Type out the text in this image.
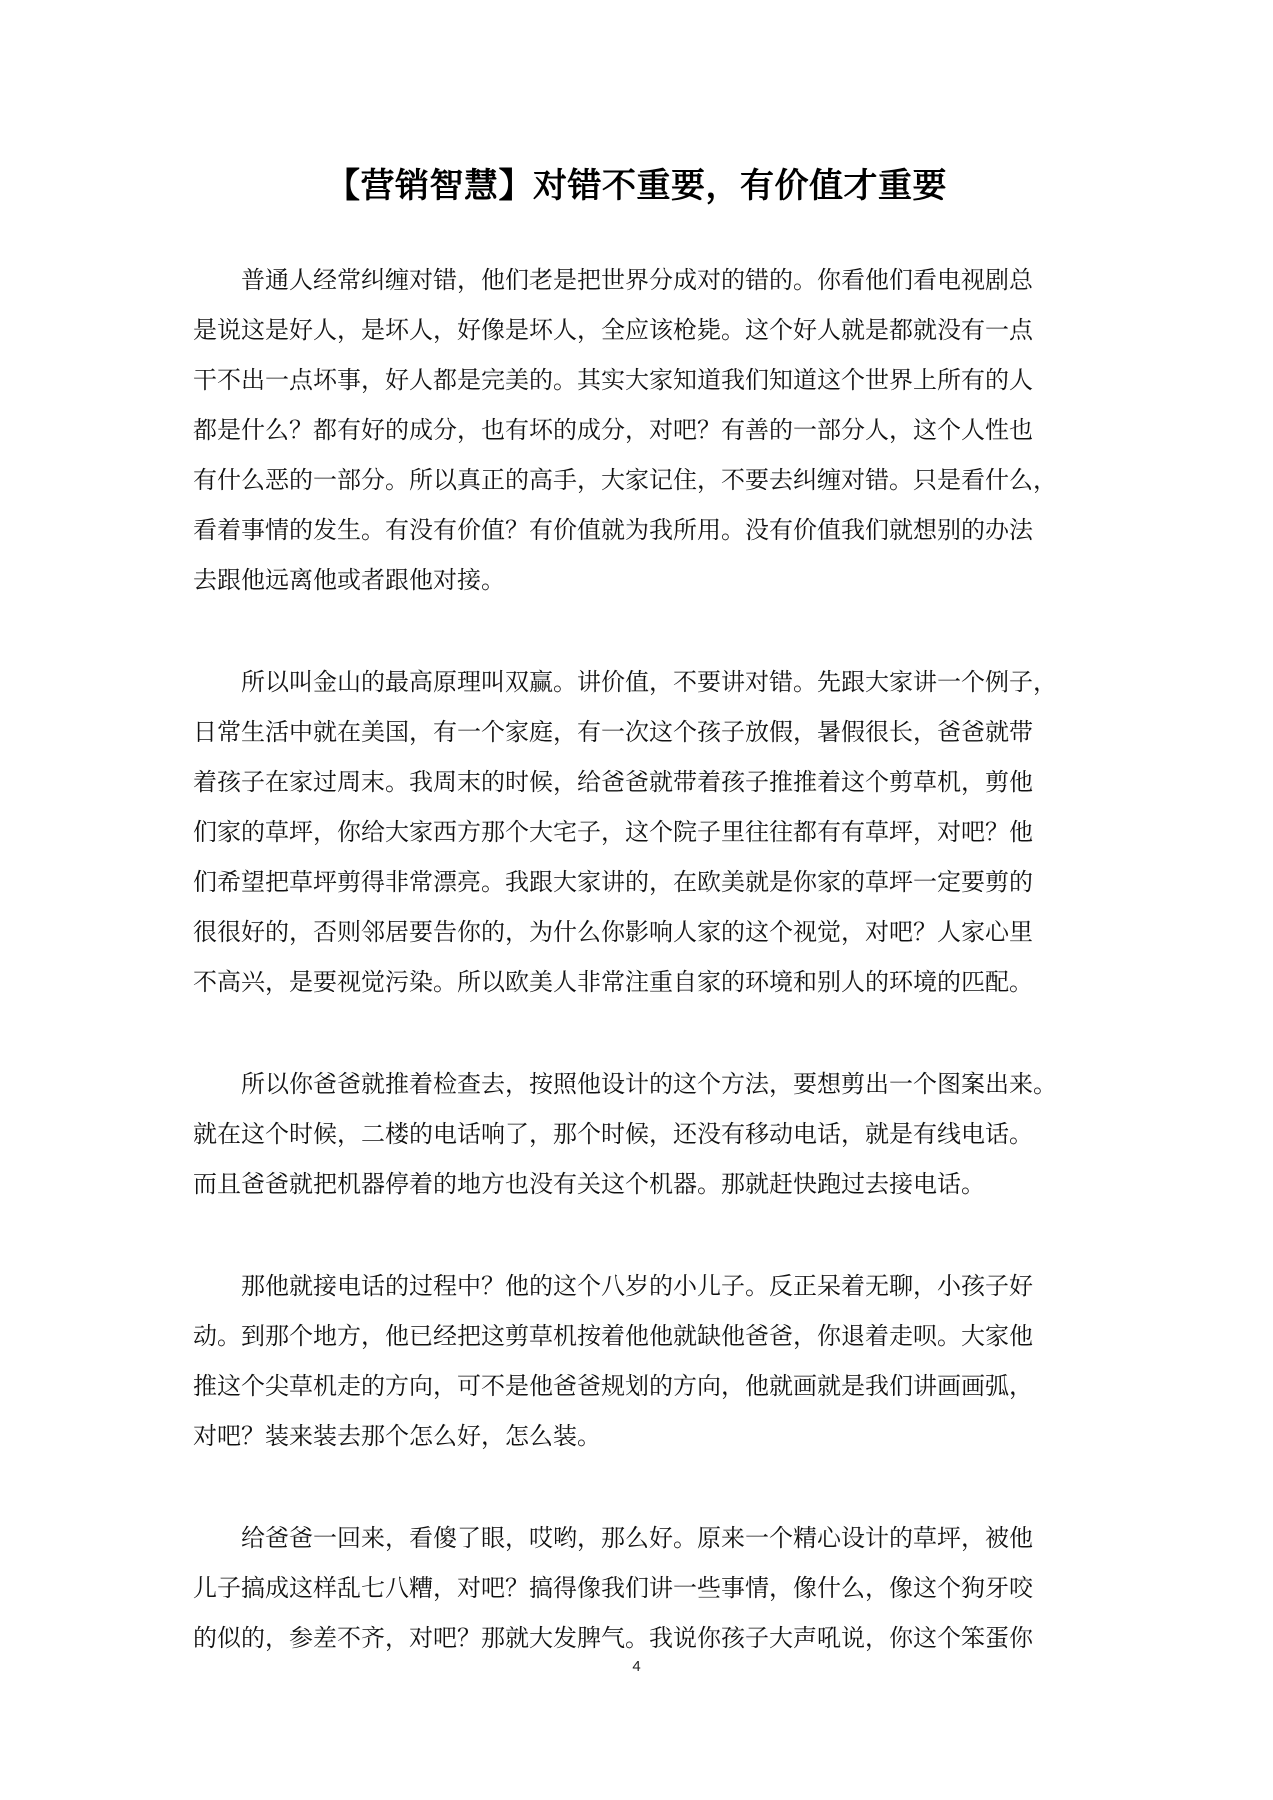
【营销智慧】对错不重要，有价值才重要
　　普通人经常纠缠对错，他们老是把世界分成对的错的。你看他们看电视剧总
是说这是好人，是坏人，好像是坏人，全应该枪毙。这个好人就是都就没有一点
干不出一点坏事，好人都是完美的。其实大家知道我们知道这个世界上所有的人
都是什么？都有好的成分，也有坏的成分，对吧？有善的一部分人，这个人性也
有什么恶的一部分。所以真正的高手，大家记住，不要去纠缠对错。只是看什么，
看着事情的发生。有没有价值？有价值就为我所用。没有价值我们就想别的办法
去跟他远离他或者跟他对接。
　　所以叫金山的最高原理叫双赢。讲价值，不要讲对错。先跟大家讲一个例子，
日常生活中就在美国，有一个家庭，有一次这个孩子放假，暑假很长，爸爸就带
着孩子在家过周末。我周末的时候，给爸爸就带着孩子推推着这个剪草机，剪他
们家的草坪，你给大家西方那个大宅子，这个院子里往往都有有草坪，对吧？他
们希望把草坪剪得非常漂亮。我跟大家讲的，在欧美就是你家的草坪一定要剪的
很很好的，否则邻居要告你的，为什么你影响人家的这个视觉，对吧？人家心里
不高兴，是要视觉污染。所以欧美人非常注重自家的环境和别人的环境的匹配。
　　所以你爸爸就推着检查去，按照他设计的这个方法，要想剪出一个图案出来。
就在这个时候，二楼的电话响了，那个时候，还没有移动电话，就是有线电话。
而且爸爸就把机器停着的地方也没有关这个机器。那就赶快跑过去接电话。
　　那他就接电话的过程中？他的这个八岁的小儿子。反正呆着无聊，小孩子好
动。到那个地方，他已经把这剪草机按着他他就缺他爸爸，你退着走呗。大家他
推这个尖草机走的方向，可不是他爸爸规划的方向，他就画就是我们讲画画弧，
对吧？装来装去那个怎么好，怎么装。
　　给爸爸一回来，看傻了眼，哎哟，那么好。原来一个精心设计的草坪，被他
儿子搞成这样乱七八糟，对吧？搞得像我们讲一些事情，像什么，像这个狗牙咬
的似的，参差不齐，对吧？那就大发脾气。我说你孩子大声吼说，你这个笨蛋你
4
